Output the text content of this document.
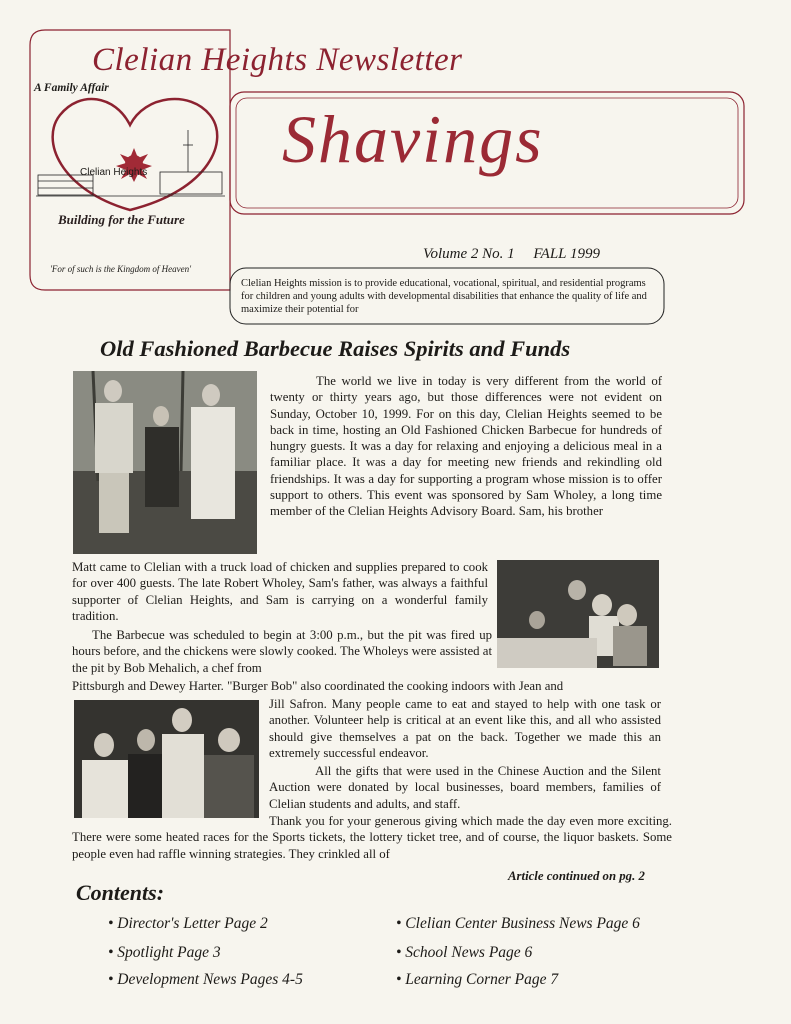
Clelian Heights Newsletter
A Family Affair
Shavings
Clelian Heights
Building for the Future
'For of such is the Kingdom of Heaven'
Volume 2 No. 1 FALL 1999
Clelian Heights mission is to provide educational, vocational, spiritual, and residential programs for children and young adults with developmental disabilities that enhance the quality of life and maximize their potential for
Old Fashioned Barbecue Raises Spirits and Funds
The world we live in today is very different from the world of twenty or thirty years ago, but those differences were not evident on Sunday, October 10, 1999. For on this day, Clelian Heights seemed to be back in time, hosting an Old Fashioned Chicken Barbecue for hundreds of hungry guests. It was a day for relaxing and enjoying a delicious meal in a familiar place. It was a day for meeting new friends and rekindling old friendships. It was a day for supporting a program whose mission is to offer support to others. This event was sponsored by Sam Wholey, a long time member of the Clelian Heights Advisory Board. Sam, his brother
Matt came to Clelian with a truck load of chicken and supplies prepared to cook for over 400 guests. The late Robert Wholey, Sam's father, was always a faithful supporter of Clelian Heights, and Sam is carrying on a wonderful family tradition.
The Barbecue was scheduled to begin at 3:00 p.m., but the pit was fired up hours before, and the chickens were slowly cooked. The Wholeys were assisted at the pit by Bob Mehalich, a chef from
Pittsburgh and Dewey Harter. "Burger Bob" also coordinated the cooking indoors with Jean and
Jill Safron. Many people came to eat and stayed to help with one task or another. Volunteer help is critical at an event like this, and all who assisted should give themselves a pat on the back. Together we made this an extremely successful endeavor.
All the gifts that were used in the Chinese Auction and the Silent Auction were donated by local businesses, board members, families of Clelian students and adults, and staff.
Thank you for your generous giving which made the day even more exciting. There were some heated races for the Sports tickets, the lottery ticket tree, and of course, the liquor baskets. Some people even had raffle winning strategies. They crinkled all of
Article continued on pg. 2
Contents:
• Director's Letter Page 2
• Spotlight Page 3
• Development News Pages 4-5
• Clelian Center Business News Page 6
• School News Page 6
• Learning Corner Page 7
